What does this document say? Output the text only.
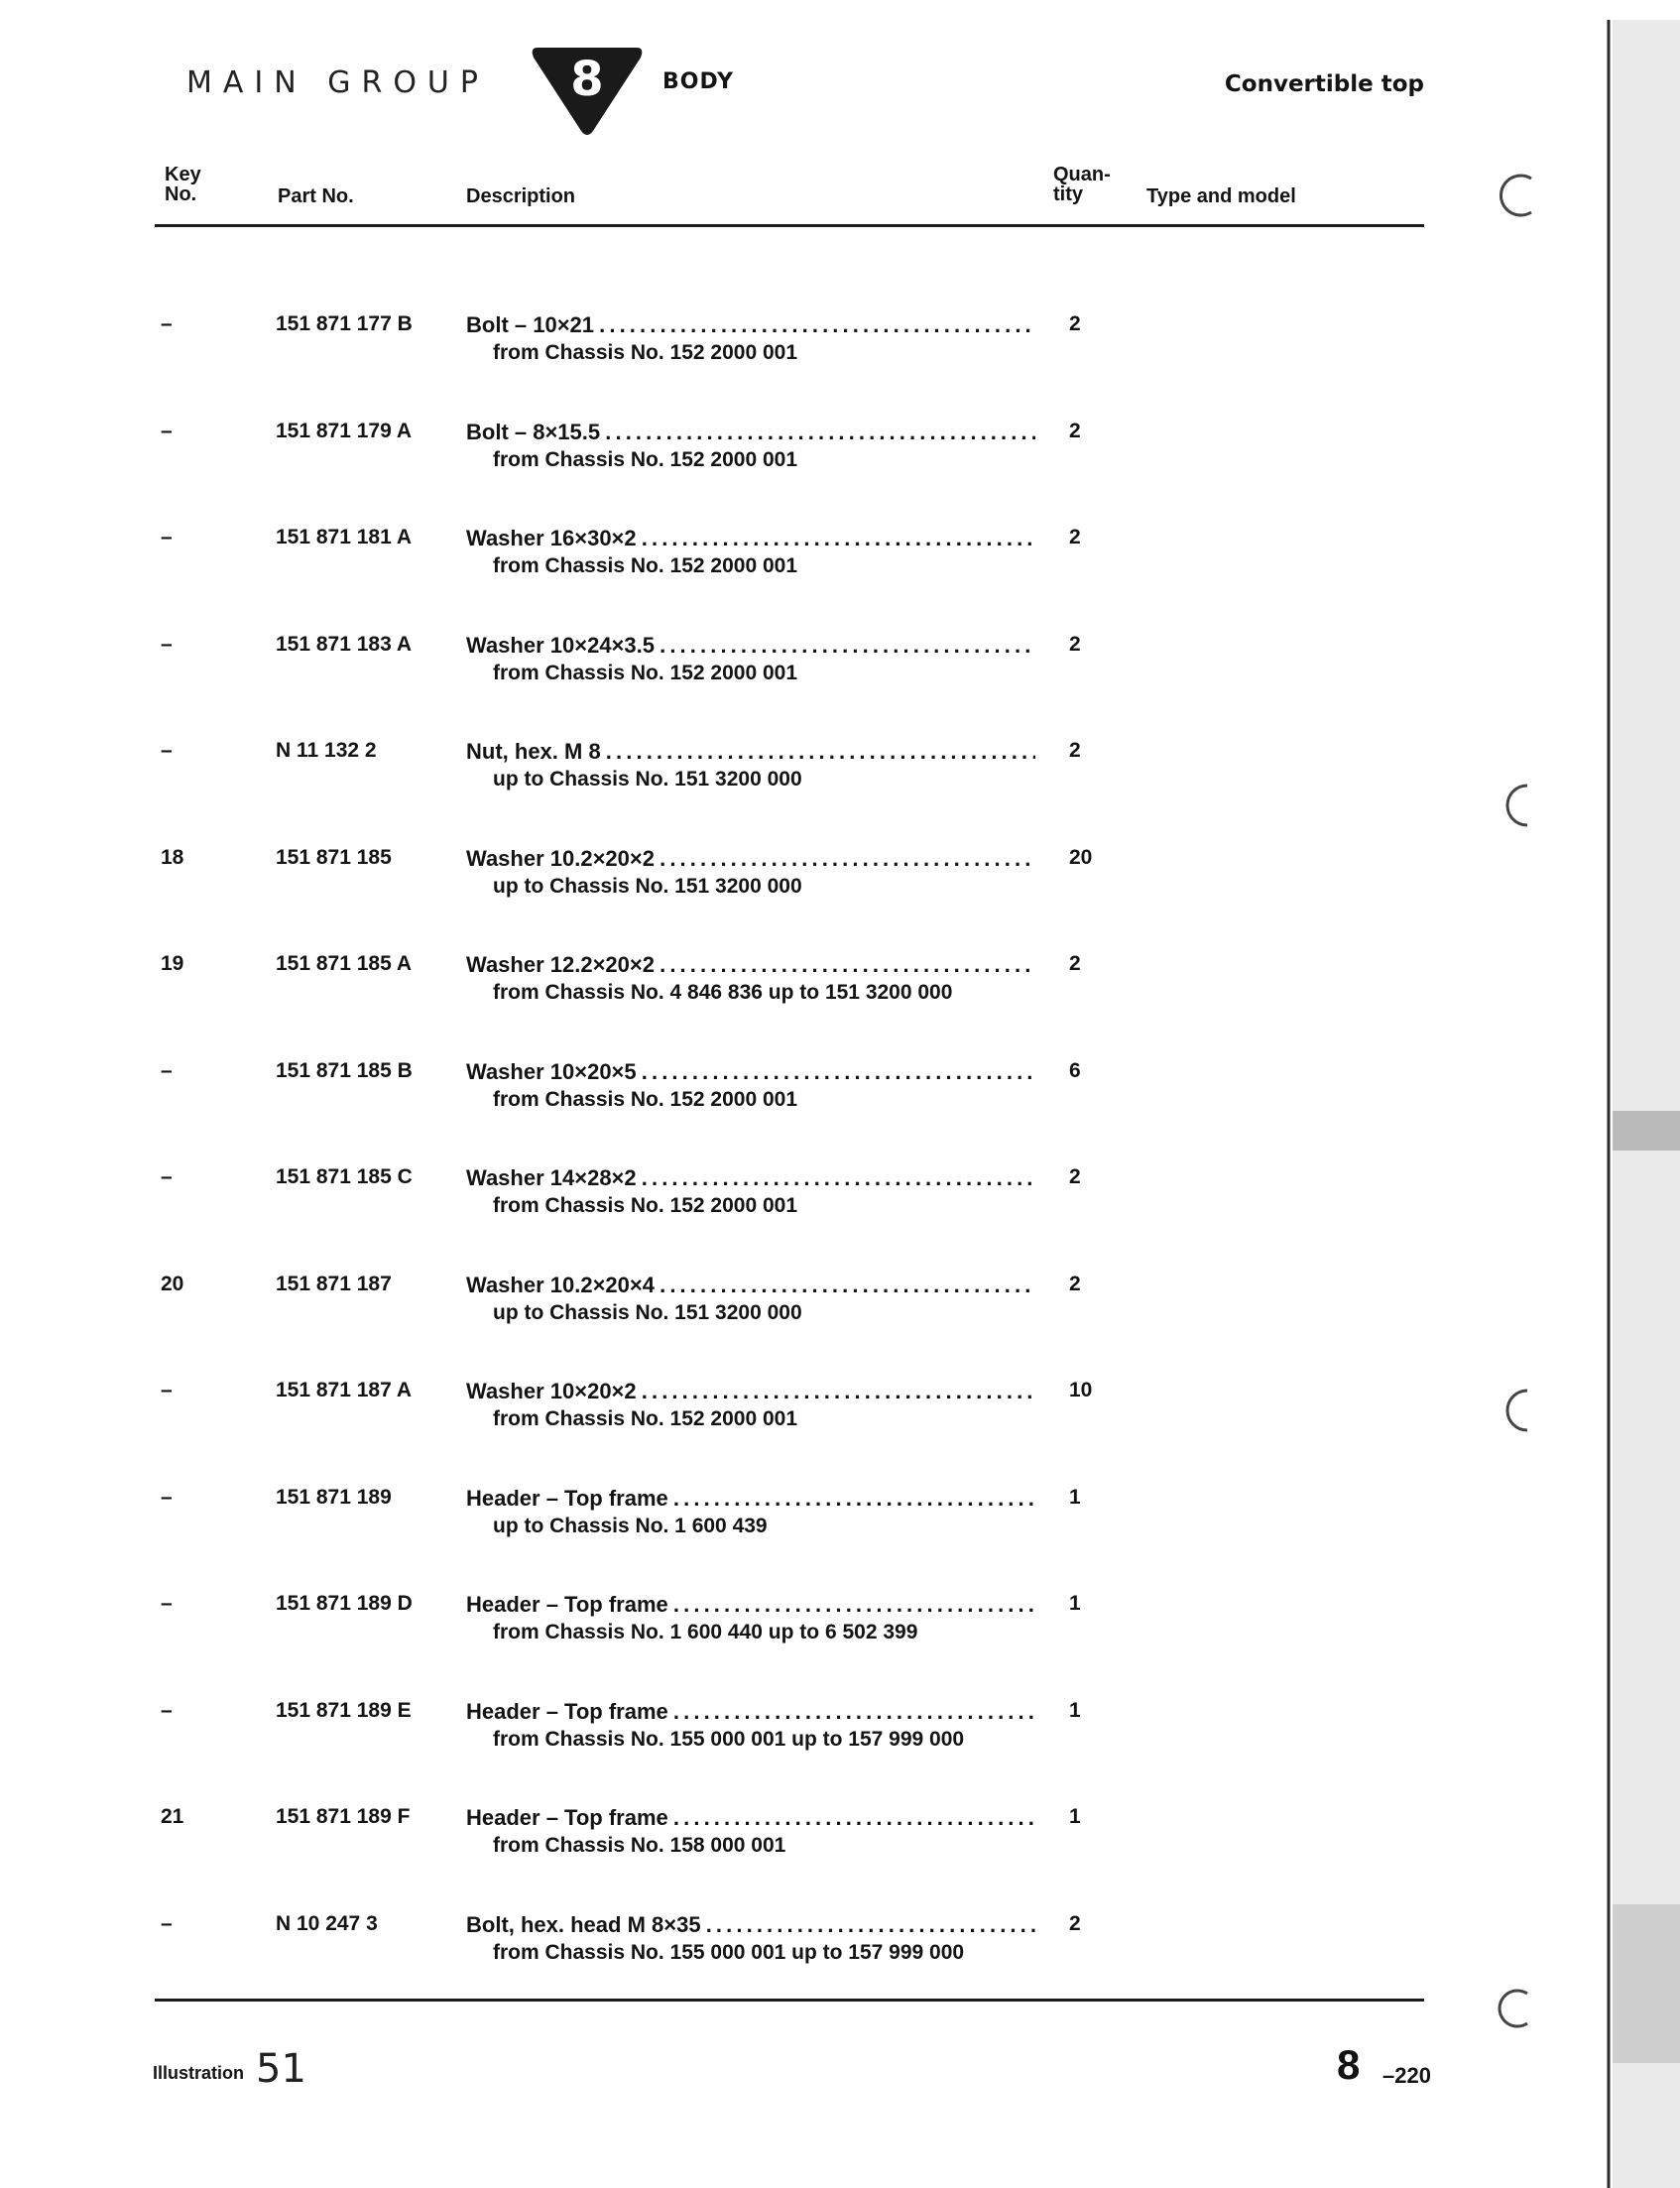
MAIN GROUP 8	BODY	Convertible top
Key
No.	Part No.	Description
Quan-
tity	Type and model
–	151 871 177 B Bolt – 10×21 . . .
from Chassis No. 152 2000 001
2
–	151 871 179 A Bolt – 8×15.5 . . .
from Chassis No. 152 2000 001
2
–	151 871 181 A Washer 16×30×2 . . .
from Chassis No. 152 2000 001
2
–	151 871 183 A Washer 10×24×3.5 . . .
from Chassis No. 152 2000 001
2
–	N 11 132 2	Nut, hex. M 8 . . .
up to Chassis No. 151 3200 000
2
18	151 871 185	Washer 10.2×20×2 . . .
up to Chassis No. 151 3200 000
20
19	151 871 185 A Washer 12.2×20×2 . . .
from Chassis No. 4 846 836 up to 151 3200 000
2
–	151 871 185 B Washer 10×20×5 . . .
from Chassis No. 152 2000 001
6
–	151 871 185 C Washer 14×28×2 . . .
from Chassis No. 152 2000 001
2
20	151 871 187	Washer 10.2×20×4 . . .
up to Chassis No. 151 3200 000
2
–	151 871 187 A Washer 10×20×2 . . .
from Chassis No. 152 2000 001
10
–	151 871 189	Header – Top frame . . .
up to Chassis No. 1 600 439
1
–	151 871 189 D Header – Top frame . . .
from Chassis No. 1 600 440 up to 6 502 399
1
–	151 871 189 E	Header – Top frame . . .
from Chassis No. 155 000 001 up to 157 999 000
1
21	151 871 189 F	Header – Top frame . . .
from Chassis No. 158 000 001
1
–	N 10 247 3	Bolt, hex. head M 8×35 . . .
from Chassis No. 155 000 001 up to 157 999 000
2
Illustration 51	8 –220
